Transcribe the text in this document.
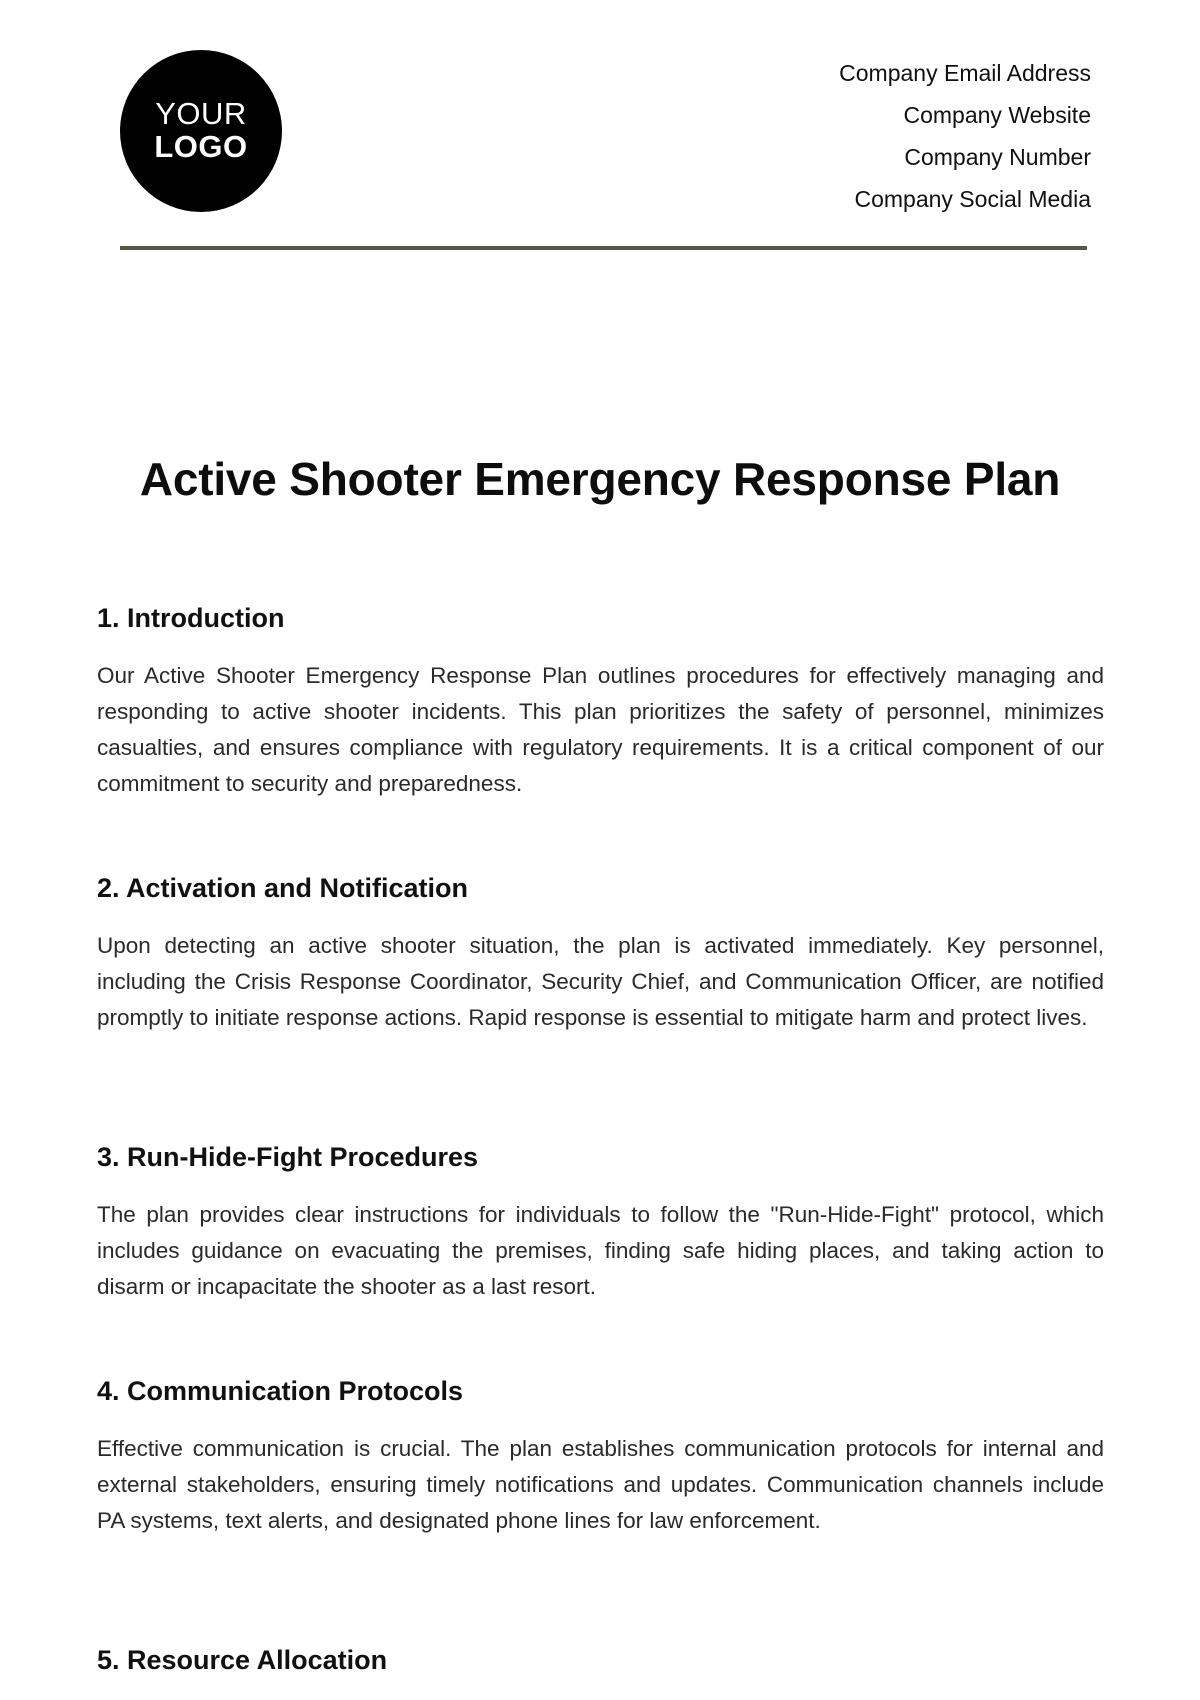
YOUR
LOGO
Company Email Address
Company Website
Company Number
Company Social Media
Active Shooter Emergency Response Plan
1. Introduction

Our Active Shooter Emergency Response Plan outlines procedures for effectively managing and responding to active shooter incidents. This plan prioritizes the safety of personnel, minimizes casualties, and ensures compliance with regulatory requirements. It is a critical component of our commitment to security and preparedness.

2. Activation and Notification

Upon detecting an active shooter situation, the plan is activated immediately. Key personnel, including the Crisis Response Coordinator, Security Chief, and Communication Officer, are notified promptly to initiate response actions. Rapid response is essential to mitigate harm and protect lives.

3. Run-Hide-Fight Procedures

The plan provides clear instructions for individuals to follow the "Run-Hide-Fight" protocol, which includes guidance on evacuating the premises, finding safe hiding places, and taking action to disarm or incapacitate the shooter as a last resort.

4. Communication Protocols

Effective communication is crucial. The plan establishes communication protocols for internal and external stakeholders, ensuring timely notifications and updates. Communication channels include PA systems, text alerts, and designated phone lines for law enforcement.

5. Resource Allocation
